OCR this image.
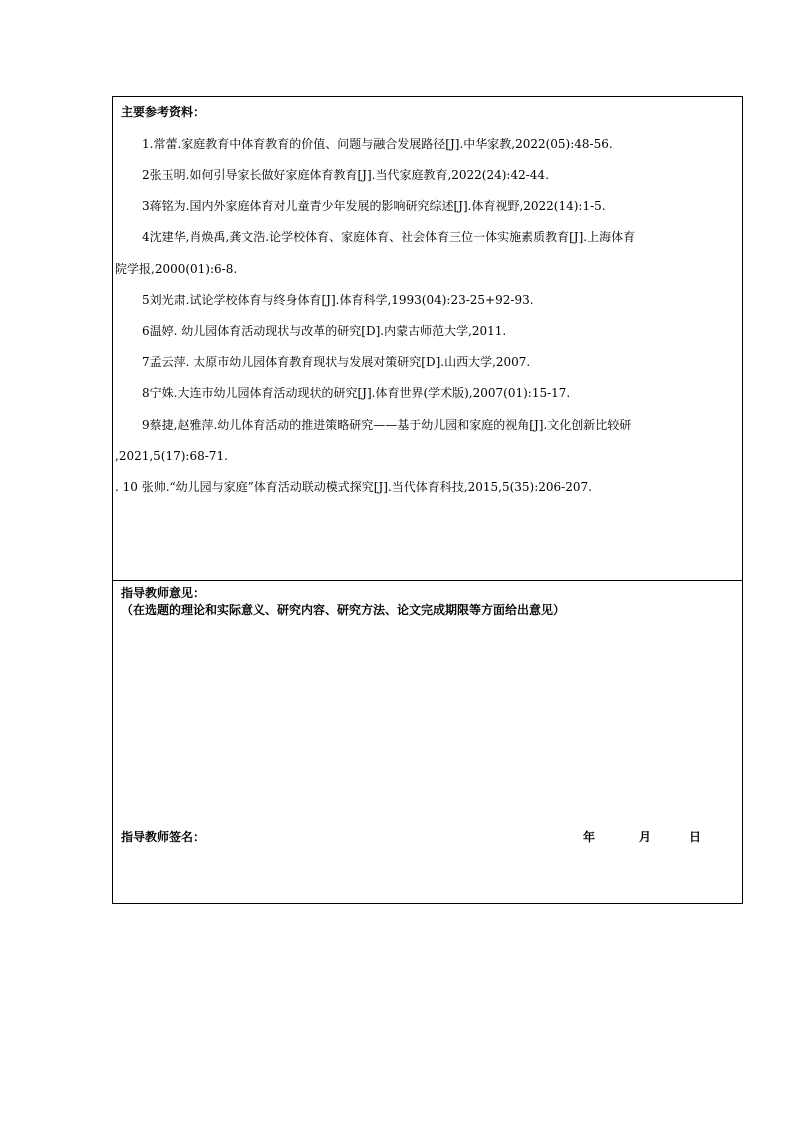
主要参考资料：
1.常蕾.家庭教育中体育教育的价值、问题与融合发展路径[J].中华家教,2022(05):48-56.
2张玉明.如何引导家长做好家庭体育教育[J].当代家庭教育,2022(24):42-44.
3蒋铭为.国内外家庭体育对儿童青少年发展的影响研究综述[J].体育视野,2022(14):1-5.
4沈建华,肖焕禹,龚文浩.论学校体育、家庭体育、社会体育三位一体实施素质教育[J].上海体育
院学报,2000(01):6-8.
5刘光肃.试论学校体育与终身体育[J].体育科学,1993(04):23-25+92-93.
6温婷. 幼儿园体育活动现状与改革的研究[D].内蒙古师范大学,2011.
7孟云萍. 太原市幼儿园体育教育现状与发展对策研究[D].山西大学,2007.
8宁姝.大连市幼儿园体育活动现状的研究[J].体育世界(学术版),2007(01):15-17.
9蔡捷,赵雅萍.幼儿体育活动的推进策略研究——基于幼儿园和家庭的视角[J].文化创新比较研
,2021,5(17):68-71.
. 10 张帅.“幼儿园与家庭”体育活动联动模式探究[J].当代体育科技,2015,5(35):206-207.
指导教师意见：
（在选题的理论和实际意义、研究内容、研究方法、论文完成期限等方面给出意见）
指导教师签名：	年	月	日
